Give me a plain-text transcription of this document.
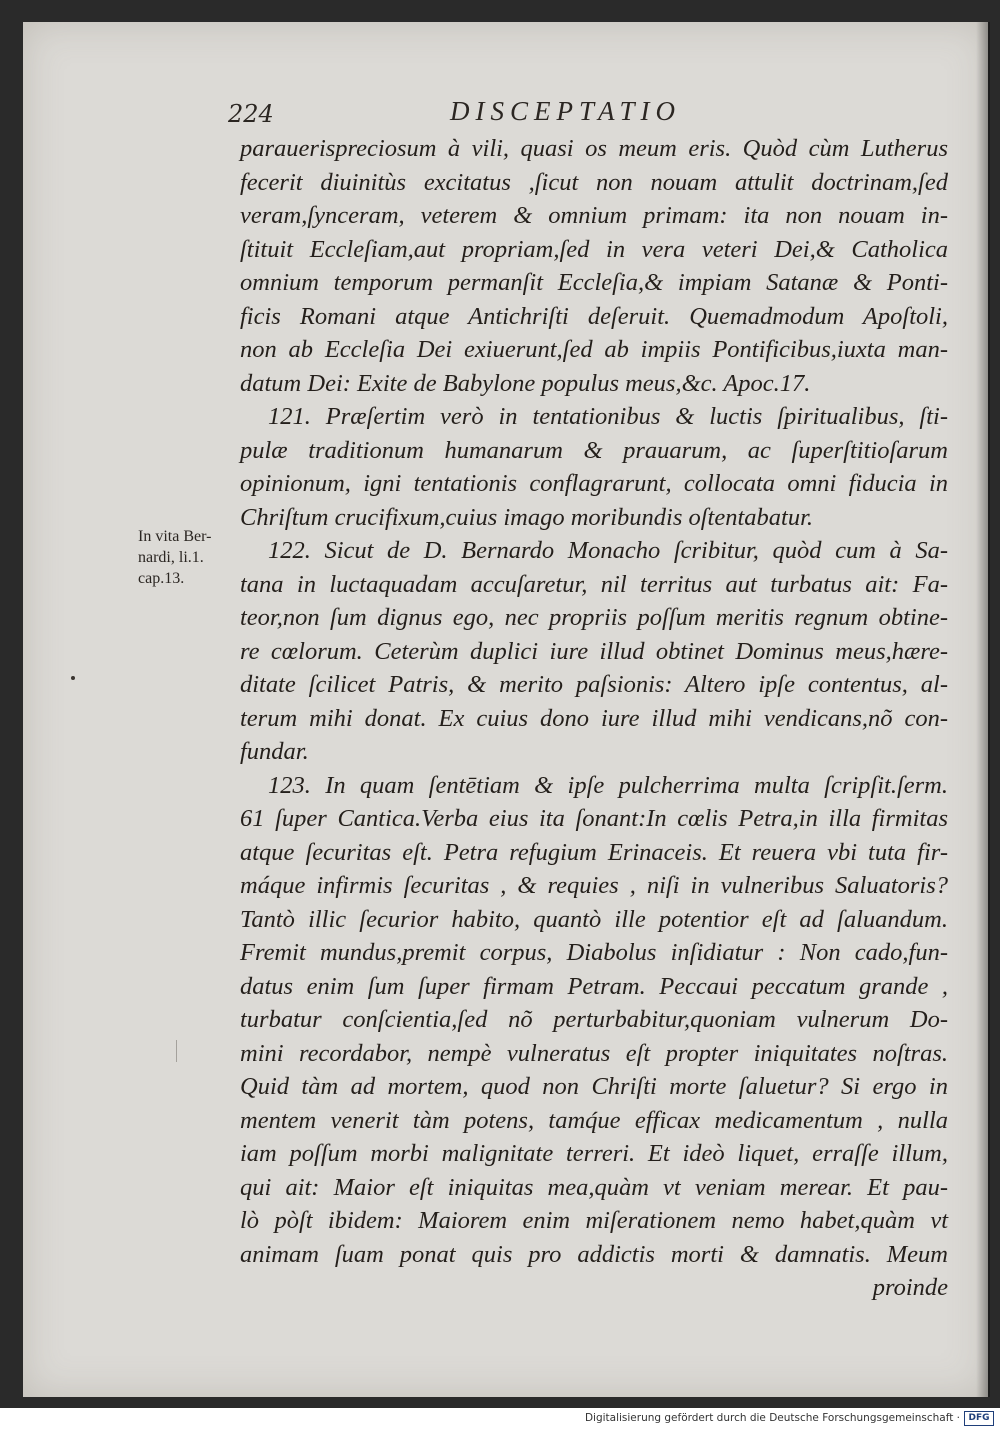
224	DISCEPTATIO
In vita Ber-
nardi, li.1.
cap.13.
parauerispreciosum à vili, quasi os meum eris. Quòd cùm Lutherus
fecerit diuinitùs excitatus ,ſicut non nouam attulit doctrinam,ſed
veram,ſynceram, veterem & omnium primam: ita non nouam in-
ſtituit Eccleſiam,aut propriam,ſed in vera veteri Dei,& Catholica
omnium temporum permanſit Eccleſia,& impiam Satanæ & Ponti-
ficis Romani atque Antichriſti deſeruit. Quemadmodum Apoſtoli,
non ab Eccleſia Dei exiuerunt,ſed ab impiis Pontificibus,iuxta man-
datum Dei: Exite de Babylone populus meus,&c. Apoc.17.
121. Præſertim verò in tentationibus & luctis ſpiritualibus, ſti-
pulæ traditionum humanarum & prauarum, ac ſuperſtitioſarum
opinionum, igni tentationis conflagrarunt, collocata omni fiducia in
Chriſtum crucifixum,cuius imago moribundis oſtentabatur.
122. Sicut de D. Bernardo Monacho ſcribitur, quòd cum à Sa-
tana in luctaquadam accuſaretur, nil territus aut turbatus ait: Fa-
teor,non ſum dignus ego, nec propriis poſſum meritis regnum obtine-
re cœlorum. Ceterùm duplici iure illud obtinet Dominus meus,hære-
ditate ſcilicet Patris, & merito paſsionis: Altero ipſe contentus, al-
terum mihi donat. Ex cuius dono iure illud mihi vendicans,nõ con-
fundar.
123. In quam ſentētiam & ipſe pulcherrima multa ſcripſit.ſerm.
61 ſuper Cantica.Verba eius ita ſonant:In cœlis Petra,in illa firmitas
atque ſecuritas eſt. Petra refugium Erinaceis. Et reuera vbi tuta fir-
máque infirmis ſecuritas , & requies , niſi in vulneribus Saluatoris?
Tantò illic ſecurior habito, quantò ille potentior eſt ad ſaluandum.
Fremit mundus,premit corpus, Diabolus inſidiatur : Non cado,fun-
datus enim ſum ſuper firmam Petram. Peccaui peccatum grande ,
turbatur conſcientia,ſed nõ perturbabitur,quoniam vulnerum Do-
mini recordabor, nempè vulneratus eſt propter iniquitates noſtras.
Quid tàm ad mortem, quod non Chriſti morte ſaluetur? Si ergo in
mentem venerit tàm potens, tamq́ue efficax medicamentum , nulla
iam poſſum morbi malignitate terreri. Et ideò liquet, erraſſe illum,
qui ait: Maior eſt iniquitas mea,quàm vt veniam merear. Et pau-
lò pòſt ibidem: Maiorem enim miſerationem nemo habet,quàm vt
animam ſuam ponat quis pro addictis morti & damnatis. Meum
proinde
Digitalisierung gefördert durch die Deutsche Forschungsgemeinschaft · DFG
